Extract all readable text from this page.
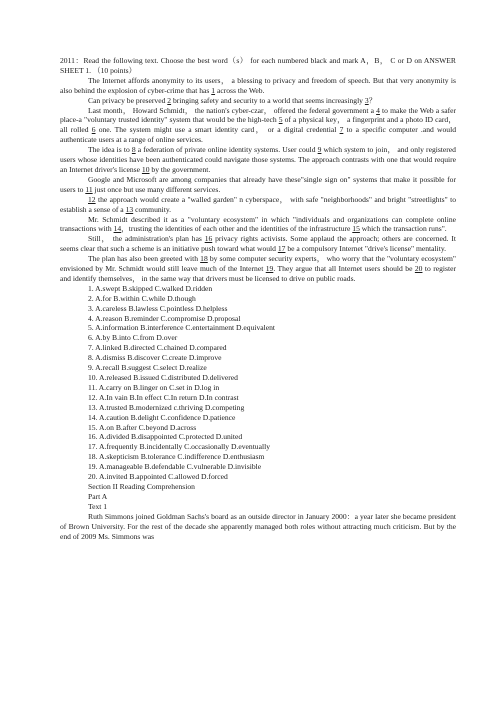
2011：Read the following text. Choose the best word（s） for each numbered black and mark A，B， C or D on ANSWER SHEET 1. （10 points）

The Internet affords anonymity to its users， a blessing to privacy and freedom of speech. But that very anonymity is also behind the explosion of cyber-crime that has 1 across the Web.

Can privacy be preserved 2 bringing safety and security to a world that seems increasingly 3？

Last month， Howard Schmidt， the nation's cyber-czar， offered the federal government a 4 to make the Web a safer place-a "voluntary trusted identity" system that would be the high-tech 5 of a physical key， a fingerprint and a photo ID card， all rolled 6 one. The system might use a smart identity card， or a digital credential 7 to a specific computer .and would authenticate users at a range of online services.

The idea is to 8 a federation of private online identity systems. User could 9 which system to join， and only registered users whose identities have been authenticated could navigate those systems. The approach contrasts with one that would require an Internet driver's license 10 by the government.

Google and Microsoft are among companies that already have these"single sign on" systems that make it possible for users to 11 just once but use many different services.

12 the approach would create a "walled garden" n cyberspace， with safe "neighborhoods" and bright "streetlights" to establish a sense of a 13 community.

Mr. Schmidt described it as a "voluntary ecosystem" in which "individuals and organizations can complete online transactions with 14，trusting the identities of each other and the identities of the infrastructure 15 which the transaction runs".

Still， the administration's plan has 16 privacy rights activists. Some applaud the approach; others are concerned. It seems clear that such a scheme is an initiative push toward what would 17 be a compulsory Internet "drive's license" mentality.

The plan has also been greeted with 18 by some computer security experts， who worry that the "voluntary ecosystem" envisioned by Mr. Schmidt would still leave much of the Internet 19. They argue that all Internet users should be 20 to register and identify themselves， in the same way that drivers must be licensed to drive on public roads.

1. A.swept B.skipped C.walked D.ridden

2. A.for B.within C.while D.though

3. A.careless B.lawless C.pointless D.helpless

4. A.reason B.reminder C.compromise D.proposal

5. A.information B.interference C.entertainment D.equivalent

6. A.by B.into C.from D.over

7. A.linked B.directed C.chained D.compared

8. A.dismiss B.discover C.create D.improve

9. A.recall B.suggest C.select D.realize

10. A.released B.issued C.distributed D.delivered

11. A.carry on B.linger on C.set in D.log in

12. A.In vain B.In effect C.In return D.In contrast

13. A.trusted B.modernized c.thriving D.competing

14. A.caution B.delight C.confidence D.patience

15. A.on B.after C.beyond D.across

16. A.divided B.disappointed C.protected D.united

17. A.frequently B.incidentally C.occasionally D.eventually

18. A.skepticism B.tolerance C.indifference D.enthusiasm

19. A.manageable B.defendable C.vulnerable D.invisible

20. A.invited B.appointed C.allowed D.forced

Section II Reading Comprehension

Part A

Text 1

Ruth Simmons joined Goldman Sachs's board as an outside director in January 2000：a year later she became president of Brown University. For the rest of the decade she apparently managed both roles without attracting much criticism. But by the end of 2009 Ms. Simmons was
